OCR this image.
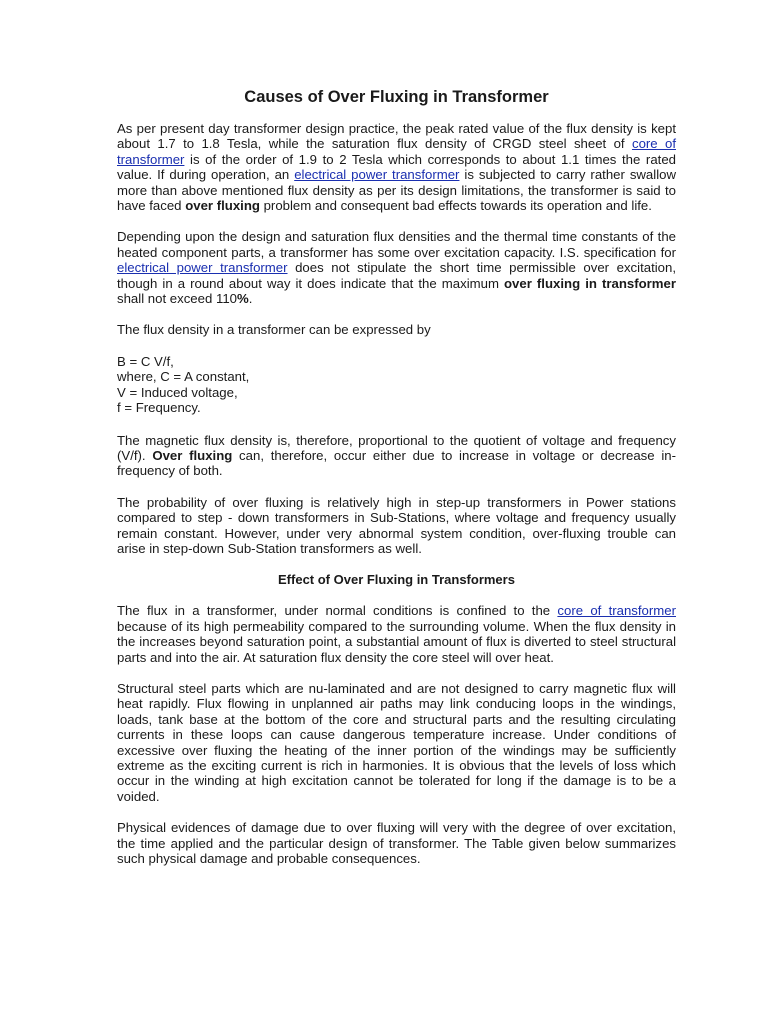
Causes of Over Fluxing in Transformer

As per present day transformer design practice, the peak rated value of the flux density is kept about 1.7 to 1.8 Tesla, while the saturation flux density of CRGD steel sheet of core of transformer is of the order of 1.9 to 2 Tesla which corresponds to about 1.1 times the rated value. If during operation, an electrical power transformer is subjected to carry rather swallow more than above mentioned flux density as per its design limitations, the transformer is said to have faced over fluxing problem and consequent bad effects towards its operation and life.

Depending upon the design and saturation flux densities and the thermal time constants of the heated component parts, a transformer has some over excitation capacity. I.S. specification for electrical power transformer does not stipulate the short time permissible over excitation, though in a round about way it does indicate that the maximum over fluxing in transformer shall not exceed 110%.

The flux density in a transformer can be expressed by

B = C V/f,
where, C = A constant,
V = Induced voltage,
f = Frequency.

The magnetic flux density is, therefore, proportional to the quotient of voltage and frequency (V/f). Over fluxing can, therefore, occur either due to increase in voltage or decrease in-frequency of both.

The probability of over fluxing is relatively high in step-up transformers in Power stations compared to step - down transformers in Sub-Stations, where voltage and frequency usually remain constant. However, under very abnormal system condition, over-fluxing trouble can arise in step-down Sub-Station transformers as well.

Effect of Over Fluxing in Transformers

The flux in a transformer, under normal conditions is confined to the core of transformer because of its high permeability compared to the surrounding volume. When the flux density in the increases beyond saturation point, a substantial amount of flux is diverted to steel structural parts and into the air. At saturation flux density the core steel will over heat.

Structural steel parts which are nu-laminated and are not designed to carry magnetic flux will heat rapidly. Flux flowing in unplanned air paths may link conducing loops in the windings, loads, tank base at the bottom of the core and structural parts and the resulting circulating currents in these loops can cause dangerous temperature increase. Under conditions of excessive over fluxing the heating of the inner portion of the windings may be sufficiently extreme as the exciting current is rich in harmonies. It is obvious that the levels of loss which occur in the winding at high excitation cannot be tolerated for long if the damage is to be a voided.

Physical evidences of damage due to over fluxing will very with the degree of over excitation, the time applied and the particular design of transformer. The Table given below summarizes such physical damage and probable consequences.
